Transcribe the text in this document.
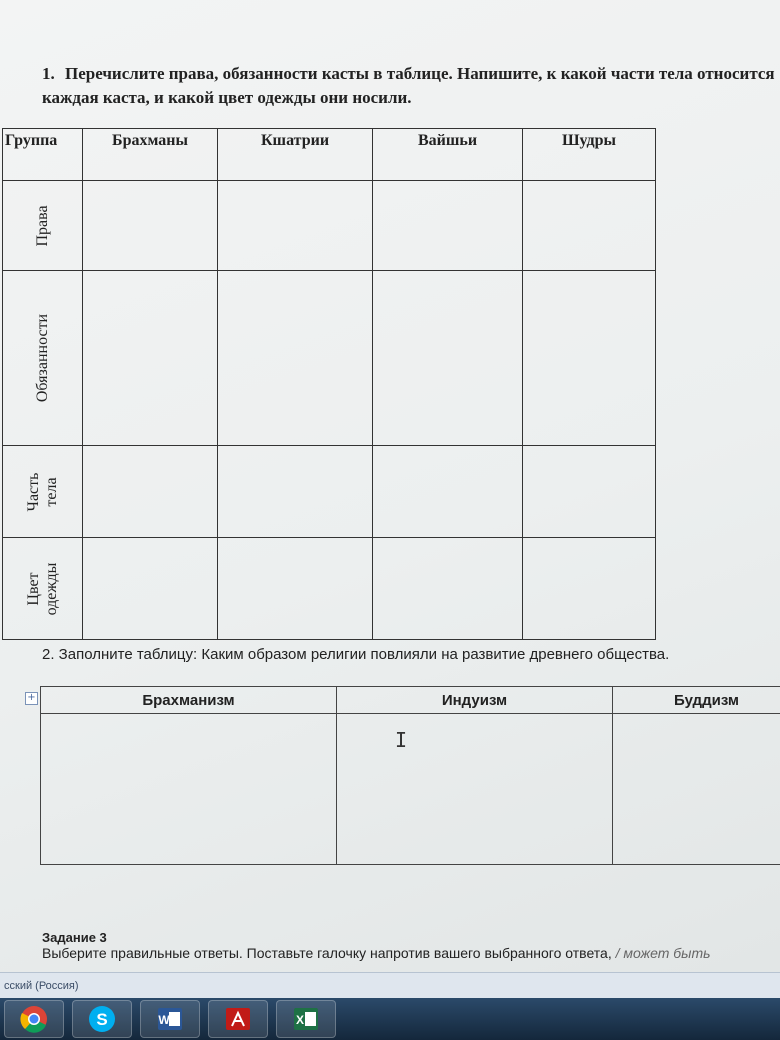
1. Перечислите права, обязанности касты в таблице. Напишите, к какой части тела относится каждая каста, и какой цвет одежды они носили.
Группа	Брахманы	Кшатрии	Вайшьи	Шудры

Права				

Обязанности				

Часть тела				

Цвет одежды				

2. Заполните таблицу: Каким образом религии повлияли на развитие древнего общества.
+	Брахманизм	Индуизм	Буддизм

	I	

Задание 3
Выберите правильные ответы. Поставьте галочку напротив вашего выбранного ответа, / может быть
сский (Россия)
S	W	X
